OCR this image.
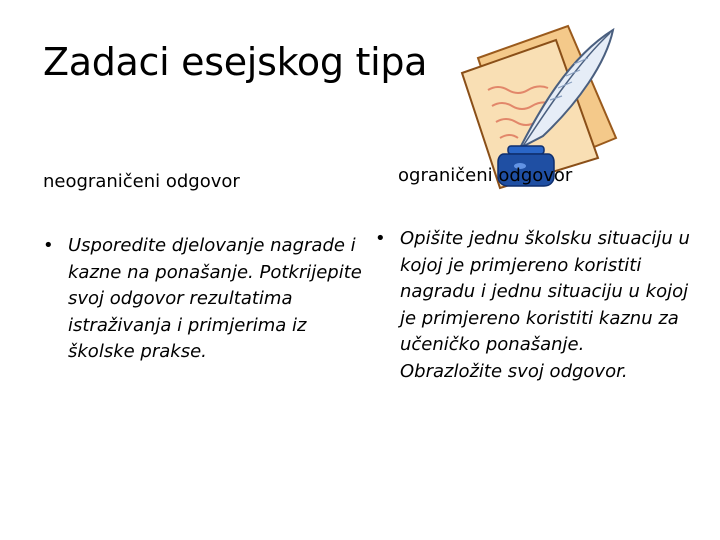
Zadaci esejskog tipa
neograničeni odgovor	ograničeni odgovor
• Usporedite djelovanje nagrade i kazne na ponašanje. Potkrijepite svoj odgovor rezultatima istraživanja i primjerima iz školske prakse.
• Opišite jednu školsku situaciju u kojoj je primjereno koristiti nagradu i jednu situaciju u kojoj je primjereno koristiti kaznu za učeničko ponašanje. Obrazložite svoj odgovor.
